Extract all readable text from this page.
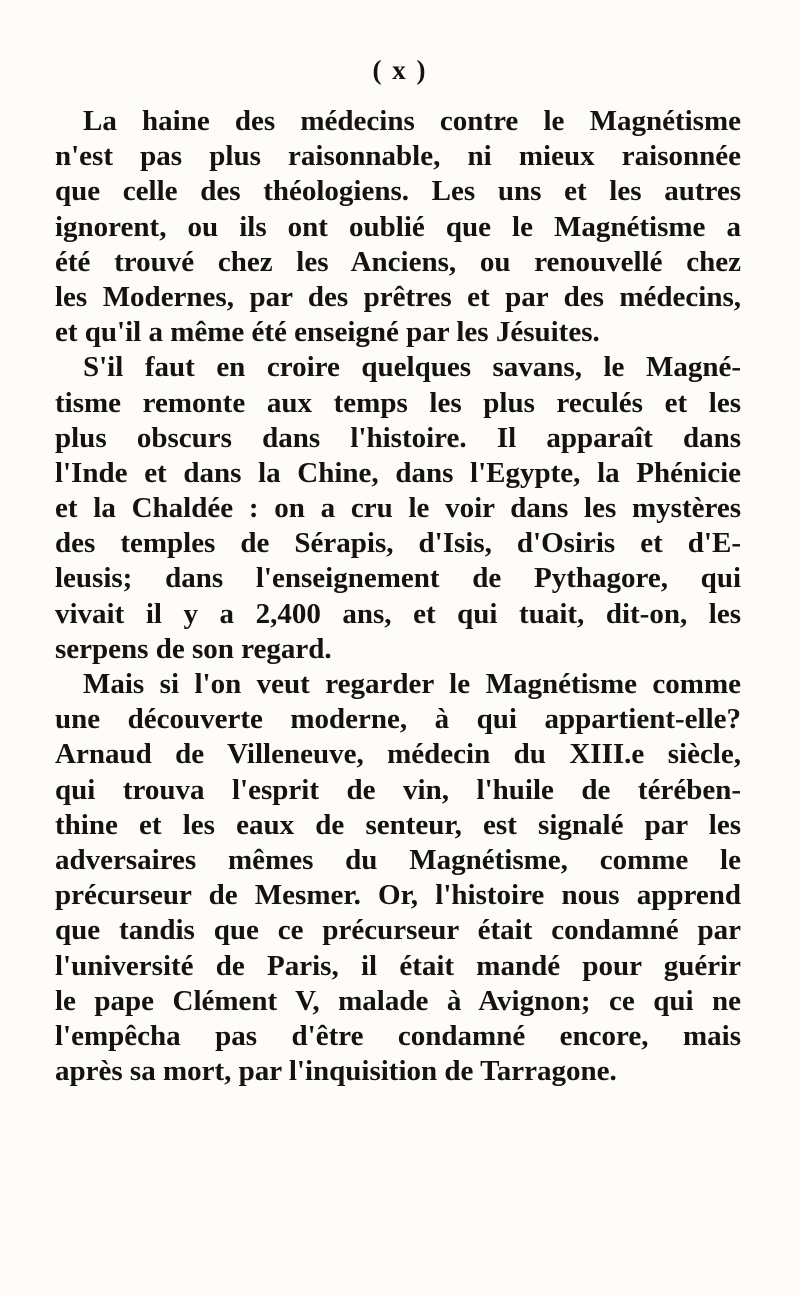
( x )
La haine des médecins contre le Magnétisme
n'est pas plus raisonnable, ni mieux raisonnée
que celle des théologiens. Les uns et les autres
ignorent, ou ils ont oublié que le Magnétisme a
été trouvé chez les Anciens, ou renouvellé chez
les Modernes, par des prêtres et par des médecins,
et qu'il a même été enseigné par les Jésuites.
S'il faut en croire quelques savans, le Magné-
tisme remonte aux temps les plus reculés et les
plus obscurs dans l'histoire. Il apparaît dans
l'Inde et dans la Chine, dans l'Egypte, la Phénicie
et la Chaldée : on a cru le voir dans les mystères
des temples de Sérapis, d'Isis, d'Osiris et d'E-
leusis; dans l'enseignement de Pythagore, qui
vivait il y a 2,400 ans, et qui tuait, dit-on, les
serpens de son regard.
Mais si l'on veut regarder le Magnétisme comme
une découverte moderne, à qui appartient-elle?
Arnaud de Villeneuve, médecin du XIII.e siècle,
qui trouva l'esprit de vin, l'huile de térében-
thine et les eaux de senteur, est signalé par les
adversaires mêmes du Magnétisme, comme le
précurseur de Mesmer. Or, l'histoire nous apprend
que tandis que ce précurseur était condamné par
l'université de Paris, il était mandé pour guérir
le pape Clément V, malade à Avignon; ce qui ne
l'empêcha pas d'être condamné encore, mais
après sa mort, par l'inquisition de Tarragone.
